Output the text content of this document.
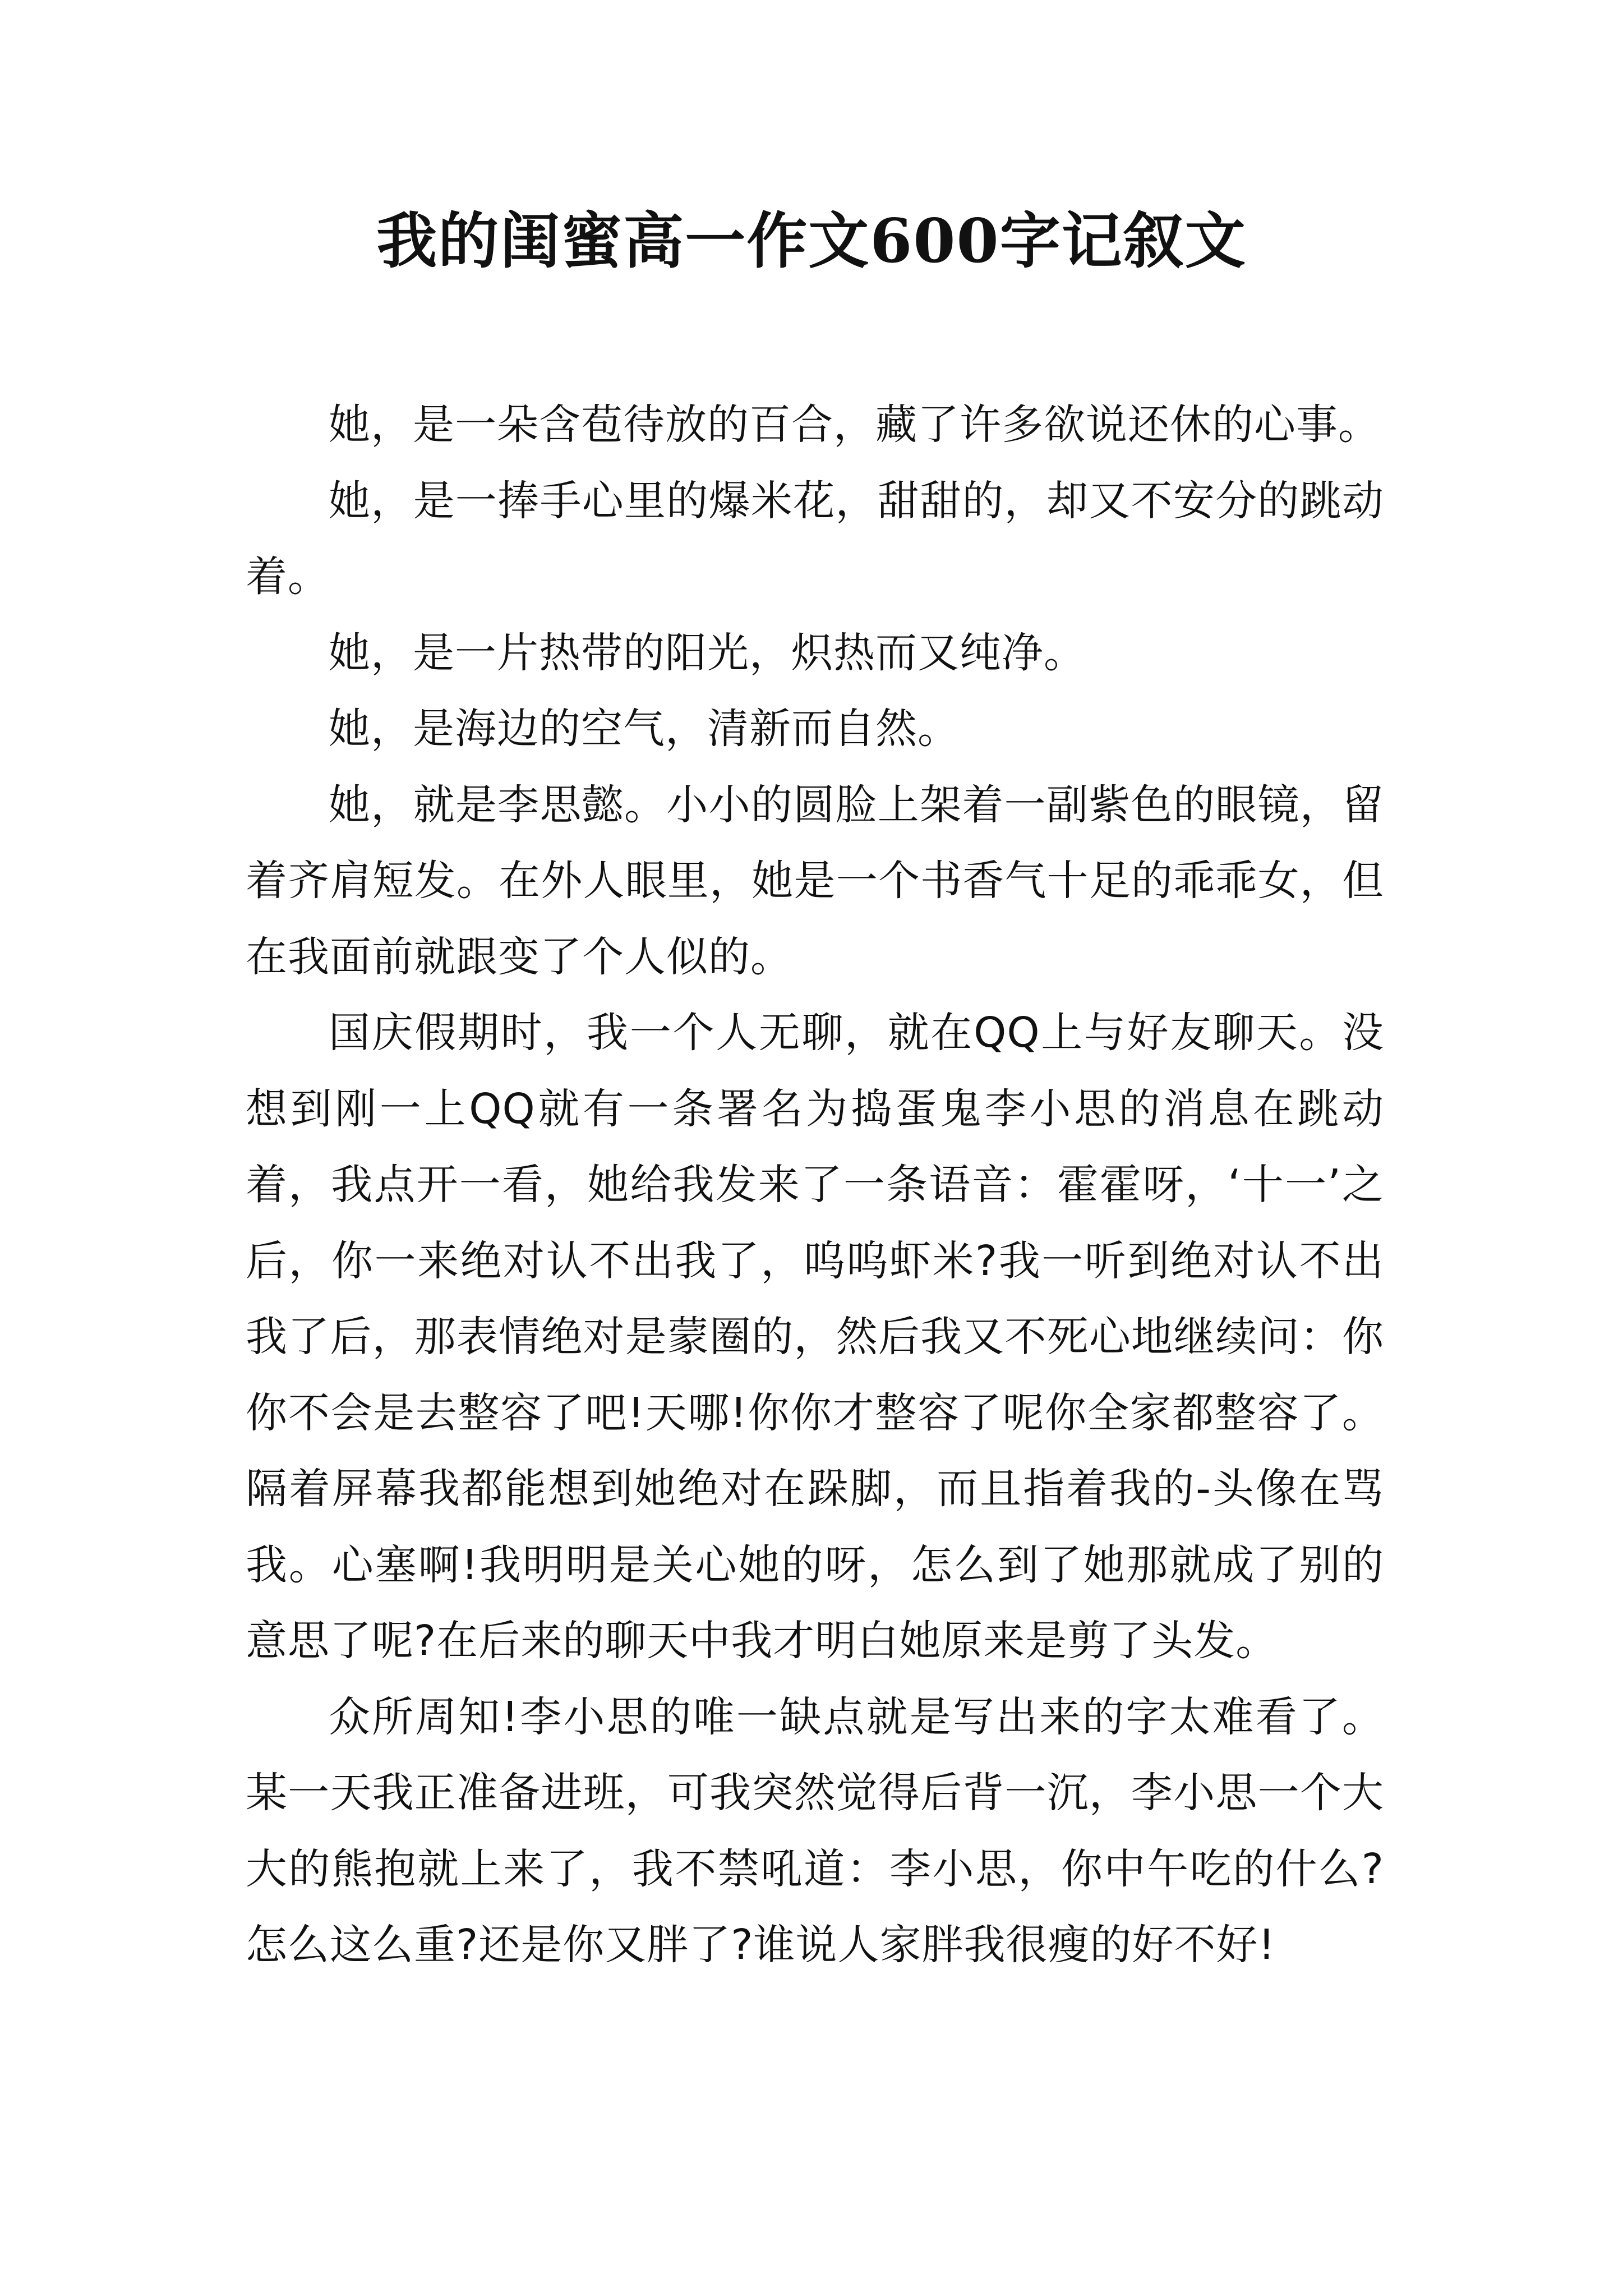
我的闺蜜高一作文600字记叙文

她，是一朵含苞待放的百合，藏了许多欲说还休的心事。

她，是一捧手心里的爆米花，甜甜的，却又不安分的跳动着。

她，是一片热带的阳光，炽热而又纯净。

她，是海边的空气，清新而自然。

她，就是李思懿。小小的圆脸上架着一副紫色的眼镜，留着齐肩短发。在外人眼里，她是一个书香气十足的乖乖女，但在我面前就跟变了个人似的。

国庆假期时，我一个人无聊，就在QQ上与好友聊天。没想到刚一上QQ就有一条署名为捣蛋鬼李小思的消息在跳动着，我点开一看，她给我发来了一条语音：霍霍呀，‘十一’之后，你一来绝对认不出我了，呜呜虾米?我一听到绝对认不出我了后，那表情绝对是蒙圈的，然后我又不死心地继续问：你你不会是去整容了吧!天哪!你你才整容了呢你全家都整容了。隔着屏幕我都能想到她绝对在跺脚，而且指着我的-头像在骂我。心塞啊!我明明是关心她的呀，怎么到了她那就成了别的意思了呢?在后来的聊天中我才明白她原来是剪了头发。

众所周知!李小思的唯一缺点就是写出来的字太难看了。某一天我正准备进班，可我突然觉得后背一沉，李小思一个大大的熊抱就上来了，我不禁吼道：李小思，你中午吃的什么?怎么这么重?还是你又胖了?谁说人家胖我很瘦的好不好!
